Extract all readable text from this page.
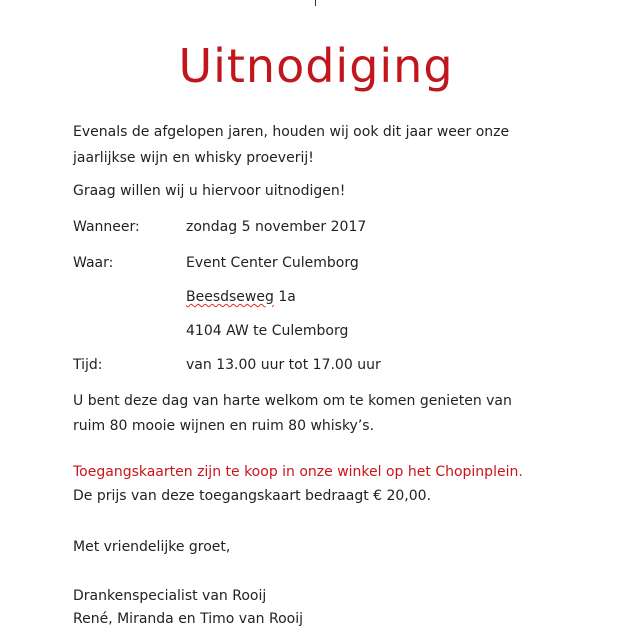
Uitnodiging
Evenals de afgelopen jaren, houden wij ook dit jaar weer onze
jaarlijkse wijn en whisky proeverij!
Graag willen wij u hiervoor uitnodigen!
Wanneer:	zondag 5 november 2017
Waar:	Event Center Culemborg
Beesdseweg 1a
4104 AW te Culemborg
Tijd:	van 13.00 uur tot 17.00 uur
U bent deze dag van harte welkom om te komen genieten van
ruim 80 mooie wijnen en ruim 80 whisky’s.
Toegangskaarten zijn te koop in onze winkel op het Chopinplein.
De prijs van deze toegangskaart bedraagt € 20,00.
Met vriendelijke groet,
Drankenspecialist van Rooij
René, Miranda en Timo van Rooij
